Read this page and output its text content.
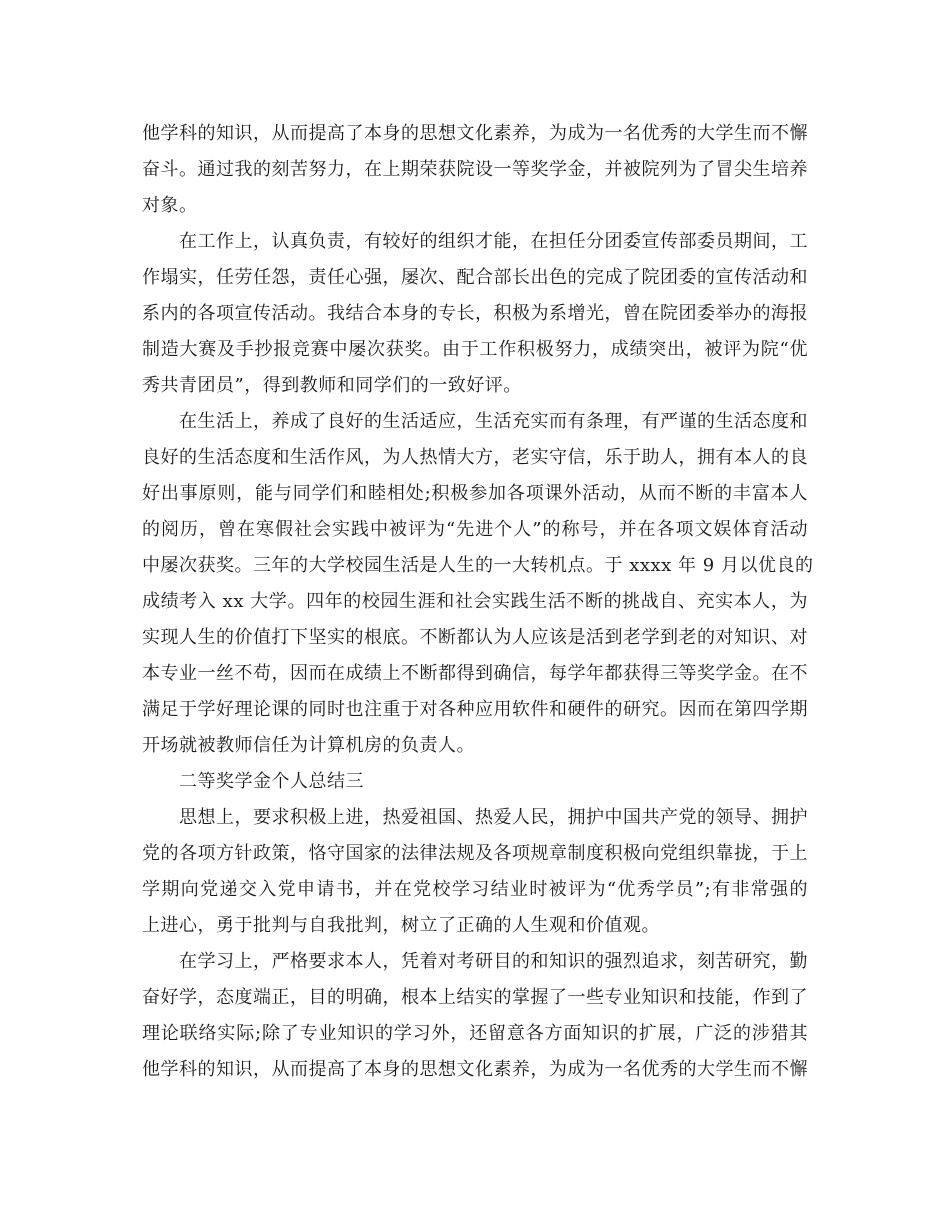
他学科的知识，从而提高了本身的思想文化素养，为成为一名优秀的大学生而不懈
奋斗。通过我的刻苦努力，在上期荣获院设一等奖学金，并被院列为了冒尖生培养
对象。
在工作上，认真负责，有较好的组织才能，在担任分团委宣传部委员期间，工
作塌实，任劳任怨，责任心强，屡次、配合部长出色的完成了院团委的宣传活动和
系内的各项宣传活动。我结合本身的专长，积极为系增光，曾在院团委举办的海报
制造大赛及手抄报竞赛中屡次获奖。由于工作积极努力，成绩突出，被评为院“优
秀共青团员”，得到教师和同学们的一致好评。
在生活上，养成了良好的生活适应，生活充实而有条理，有严谨的生活态度和
良好的生活态度和生活作风，为人热情大方，老实守信，乐于助人，拥有本人的良
好出事原则，能与同学们和睦相处;积极参加各项课外活动，从而不断的丰富本人
的阅历，曾在寒假社会实践中被评为“先进个人”的称号，并在各项文娱体育活动
中屡次获奖。三年的大学校园生活是人生的一大转机点。于 xxxx 年 9 月以优良的
成绩考入 xx 大学。四年的校园生涯和社会实践生活不断的挑战自、充实本人，为
实现人生的价值打下坚实的根底。不断都认为人应该是活到老学到老的对知识、对
本专业一丝不苟，因而在成绩上不断都得到确信，每学年都获得三等奖学金。在不
满足于学好理论课的同时也注重于对各种应用软件和硬件的研究。因而在第四学期
开场就被教师信任为计算机房的负责人。
二等奖学金个人总结三
思想上，要求积极上进，热爱祖国、热爱人民，拥护中国共产党的领导、拥护
党的各项方针政策，恪守国家的法律法规及各项规章制度积极向党组织靠拢，于上
学期向党递交入党申请书，并在党校学习结业时被评为“优秀学员”;有非常强的
上进心，勇于批判与自我批判，树立了正确的人生观和价值观。
在学习上，严格要求本人，凭着对考研目的和知识的强烈追求，刻苦研究，勤
奋好学，态度端正，目的明确，根本上结实的掌握了一些专业知识和技能，作到了
理论联络实际;除了专业知识的学习外，还留意各方面知识的扩展，广泛的涉猎其
他学科的知识，从而提高了本身的思想文化素养，为成为一名优秀的大学生而不懈
